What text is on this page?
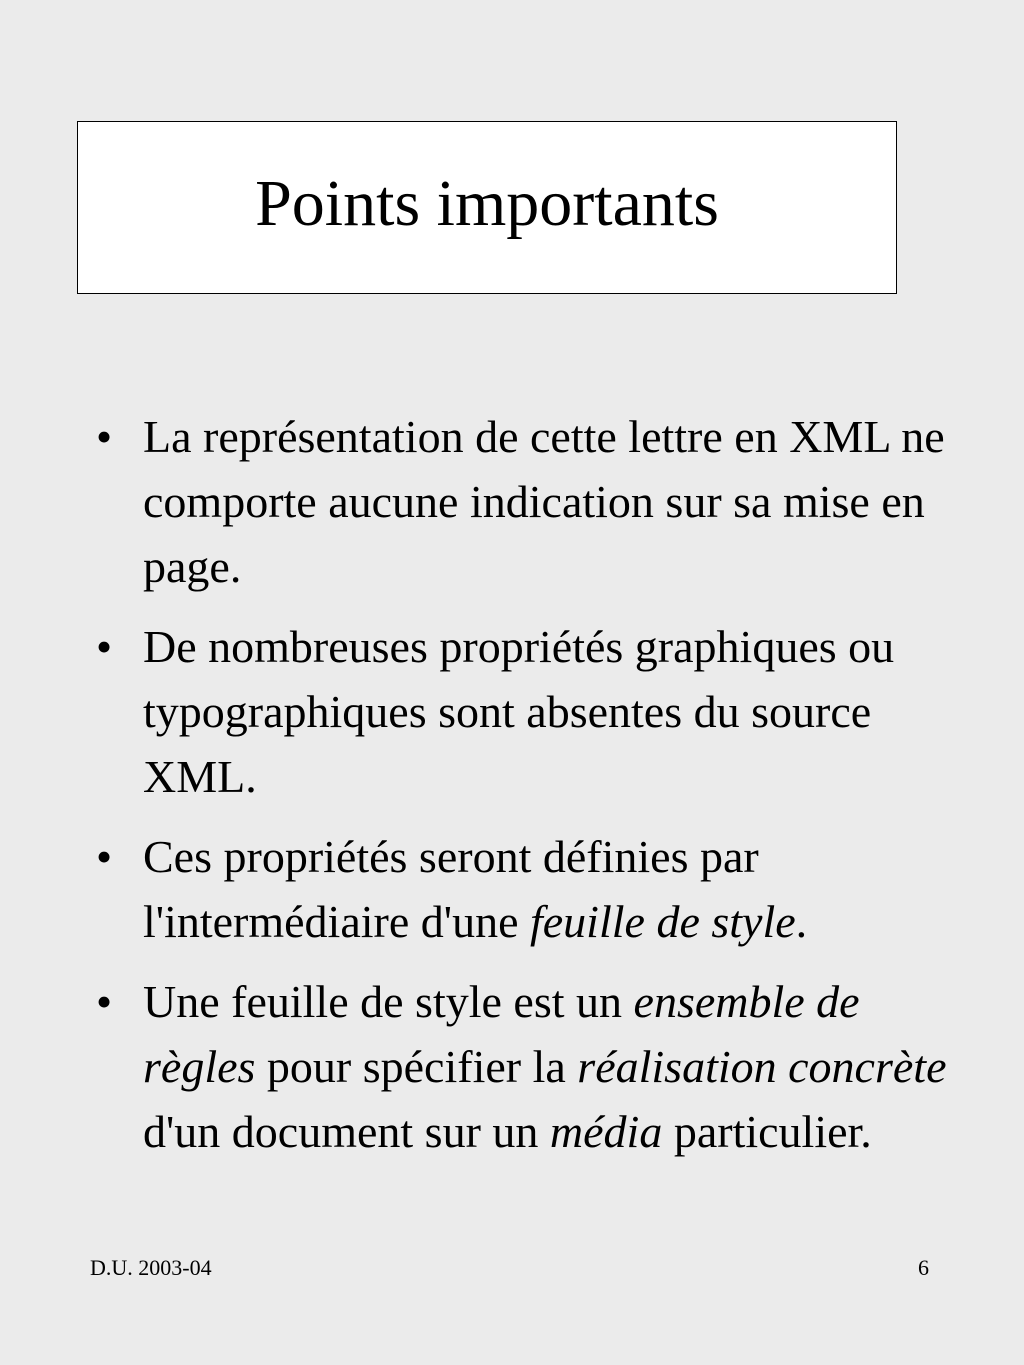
Points importants
• La représentation de cette lettre en XML ne comporte aucune indication sur sa mise en page.
• De nombreuses propriétés graphiques ou typographiques sont absentes du source XML.
• Ces propriétés seront définies par l'intermédiaire d'une feuille de style.
• Une feuille de style est un ensemble de règles pour spécifier la réalisation concrète d'un document sur un média particulier.
D.U. 2003-04	6
